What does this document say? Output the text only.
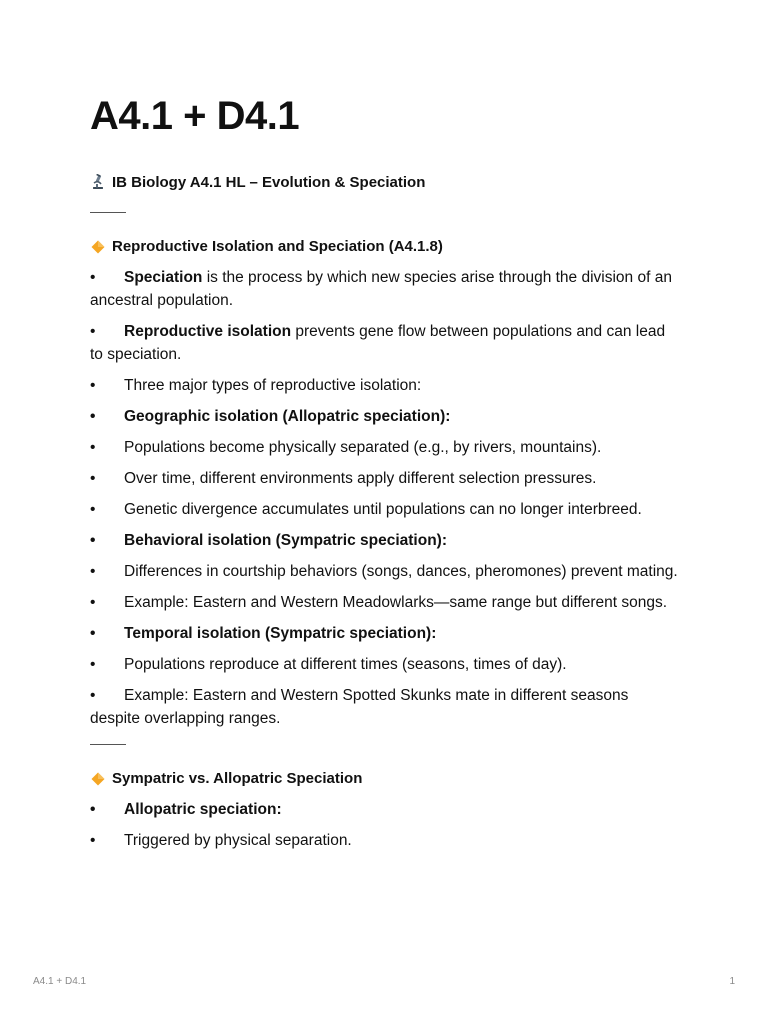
A4.1 + D4.1
IB Biology A4.1 HL – Evolution & Speciation
Reproductive Isolation and Speciation (A4.1.8)
• Speciation is the process by which new species arise through the division of an ancestral population.
• Reproductive isolation prevents gene flow between populations and can lead to speciation.
• Three major types of reproductive isolation:
• Geographic isolation (Allopatric speciation):
• Populations become physically separated (e.g., by rivers, mountains).
• Over time, different environments apply different selection pressures.
• Genetic divergence accumulates until populations can no longer interbreed.
• Behavioral isolation (Sympatric speciation):
• Differences in courtship behaviors (songs, dances, pheromones) prevent mating.
• Example: Eastern and Western Meadowlarks—same range but different songs.
• Temporal isolation (Sympatric speciation):
• Populations reproduce at different times (seasons, times of day).
• Example: Eastern and Western Spotted Skunks mate in different seasons despite overlapping ranges.
Sympatric vs. Allopatric Speciation
• Allopatric speciation:
• Triggered by physical separation.
A4.1 + D4.1	1
